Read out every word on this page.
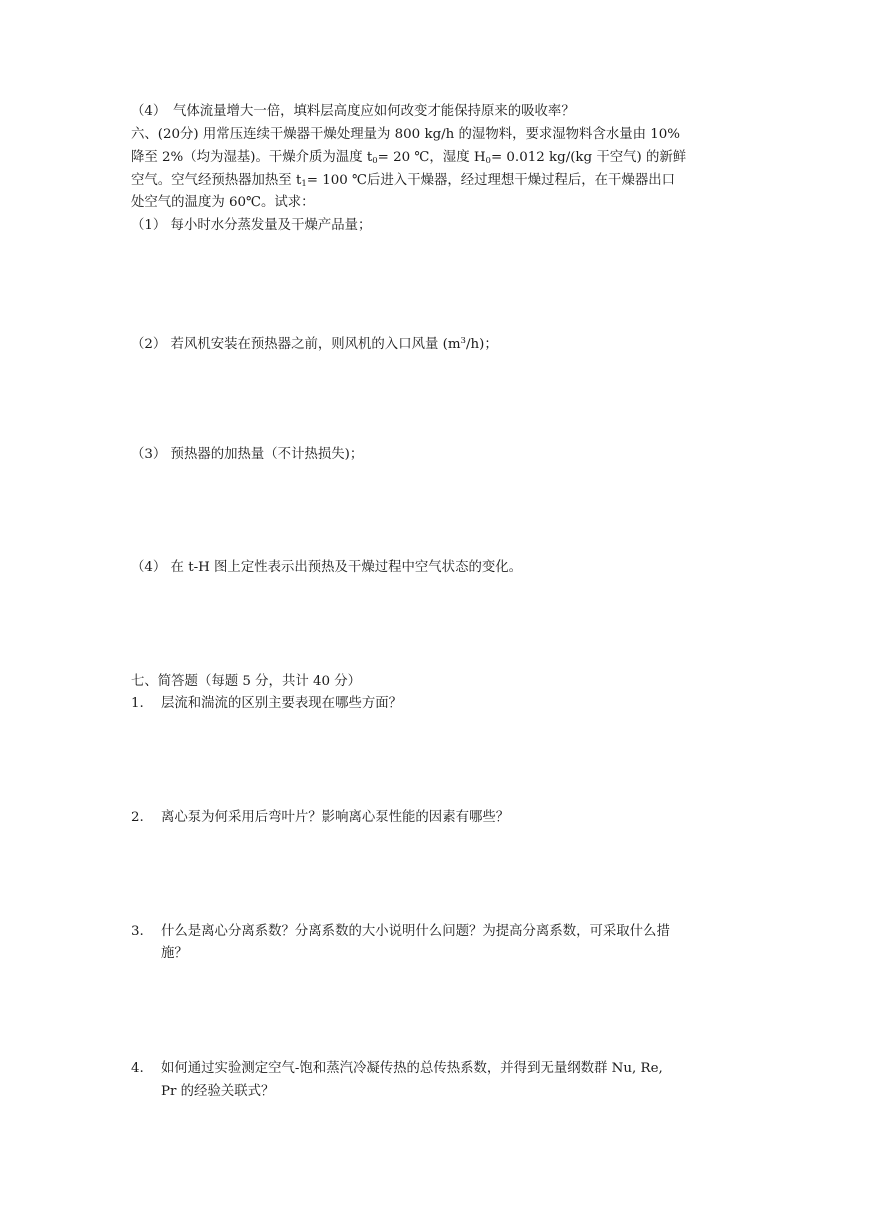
（4）　气体流量增大一倍，填料层高度应如何改变才能保持原来的吸收率？
六、(20分) 用常压连续干燥器干燥处理量为 800 kg/h 的湿物料，要求湿物料含水量由 10%
降至 2%（均为湿基)。干燥介质为温度 $t_0= 20$ ℃，湿度 $H_0= 0.012$ kg/(kg 干空气) 的新鲜
空气。空气经预热器加热至 $t_1= 100$ ℃后进入干燥器，经过理想干燥过程后，在干燥器出口
处空气的温度为 60℃。试求：
（1） 每小时水分蒸发量及干燥产品量；
（2） 若风机安装在预热器之前，则风机的入口风量 $(m^3/h)$；
（3） 预热器的加热量（不计热损失)；
（4） 在 t-H 图上定性表示出预热及干燥过程中空气状态的变化。
七、简答题（每题 5 分，共计 40 分）
1. 层流和湍流的区别主要表现在哪些方面？
2. 离心泵为何采用后弯叶片？影响离心泵性能的因素有哪些？
3. 什么是离心分离系数？分离系数的大小说明什么问题？为提高分离系数，可采取什么措
施？
4. 如何通过实验测定空气-饱和蒸汽冷凝传热的总传热系数，并得到无量纲数群 Nu, Re,
Pr 的经验关联式？
